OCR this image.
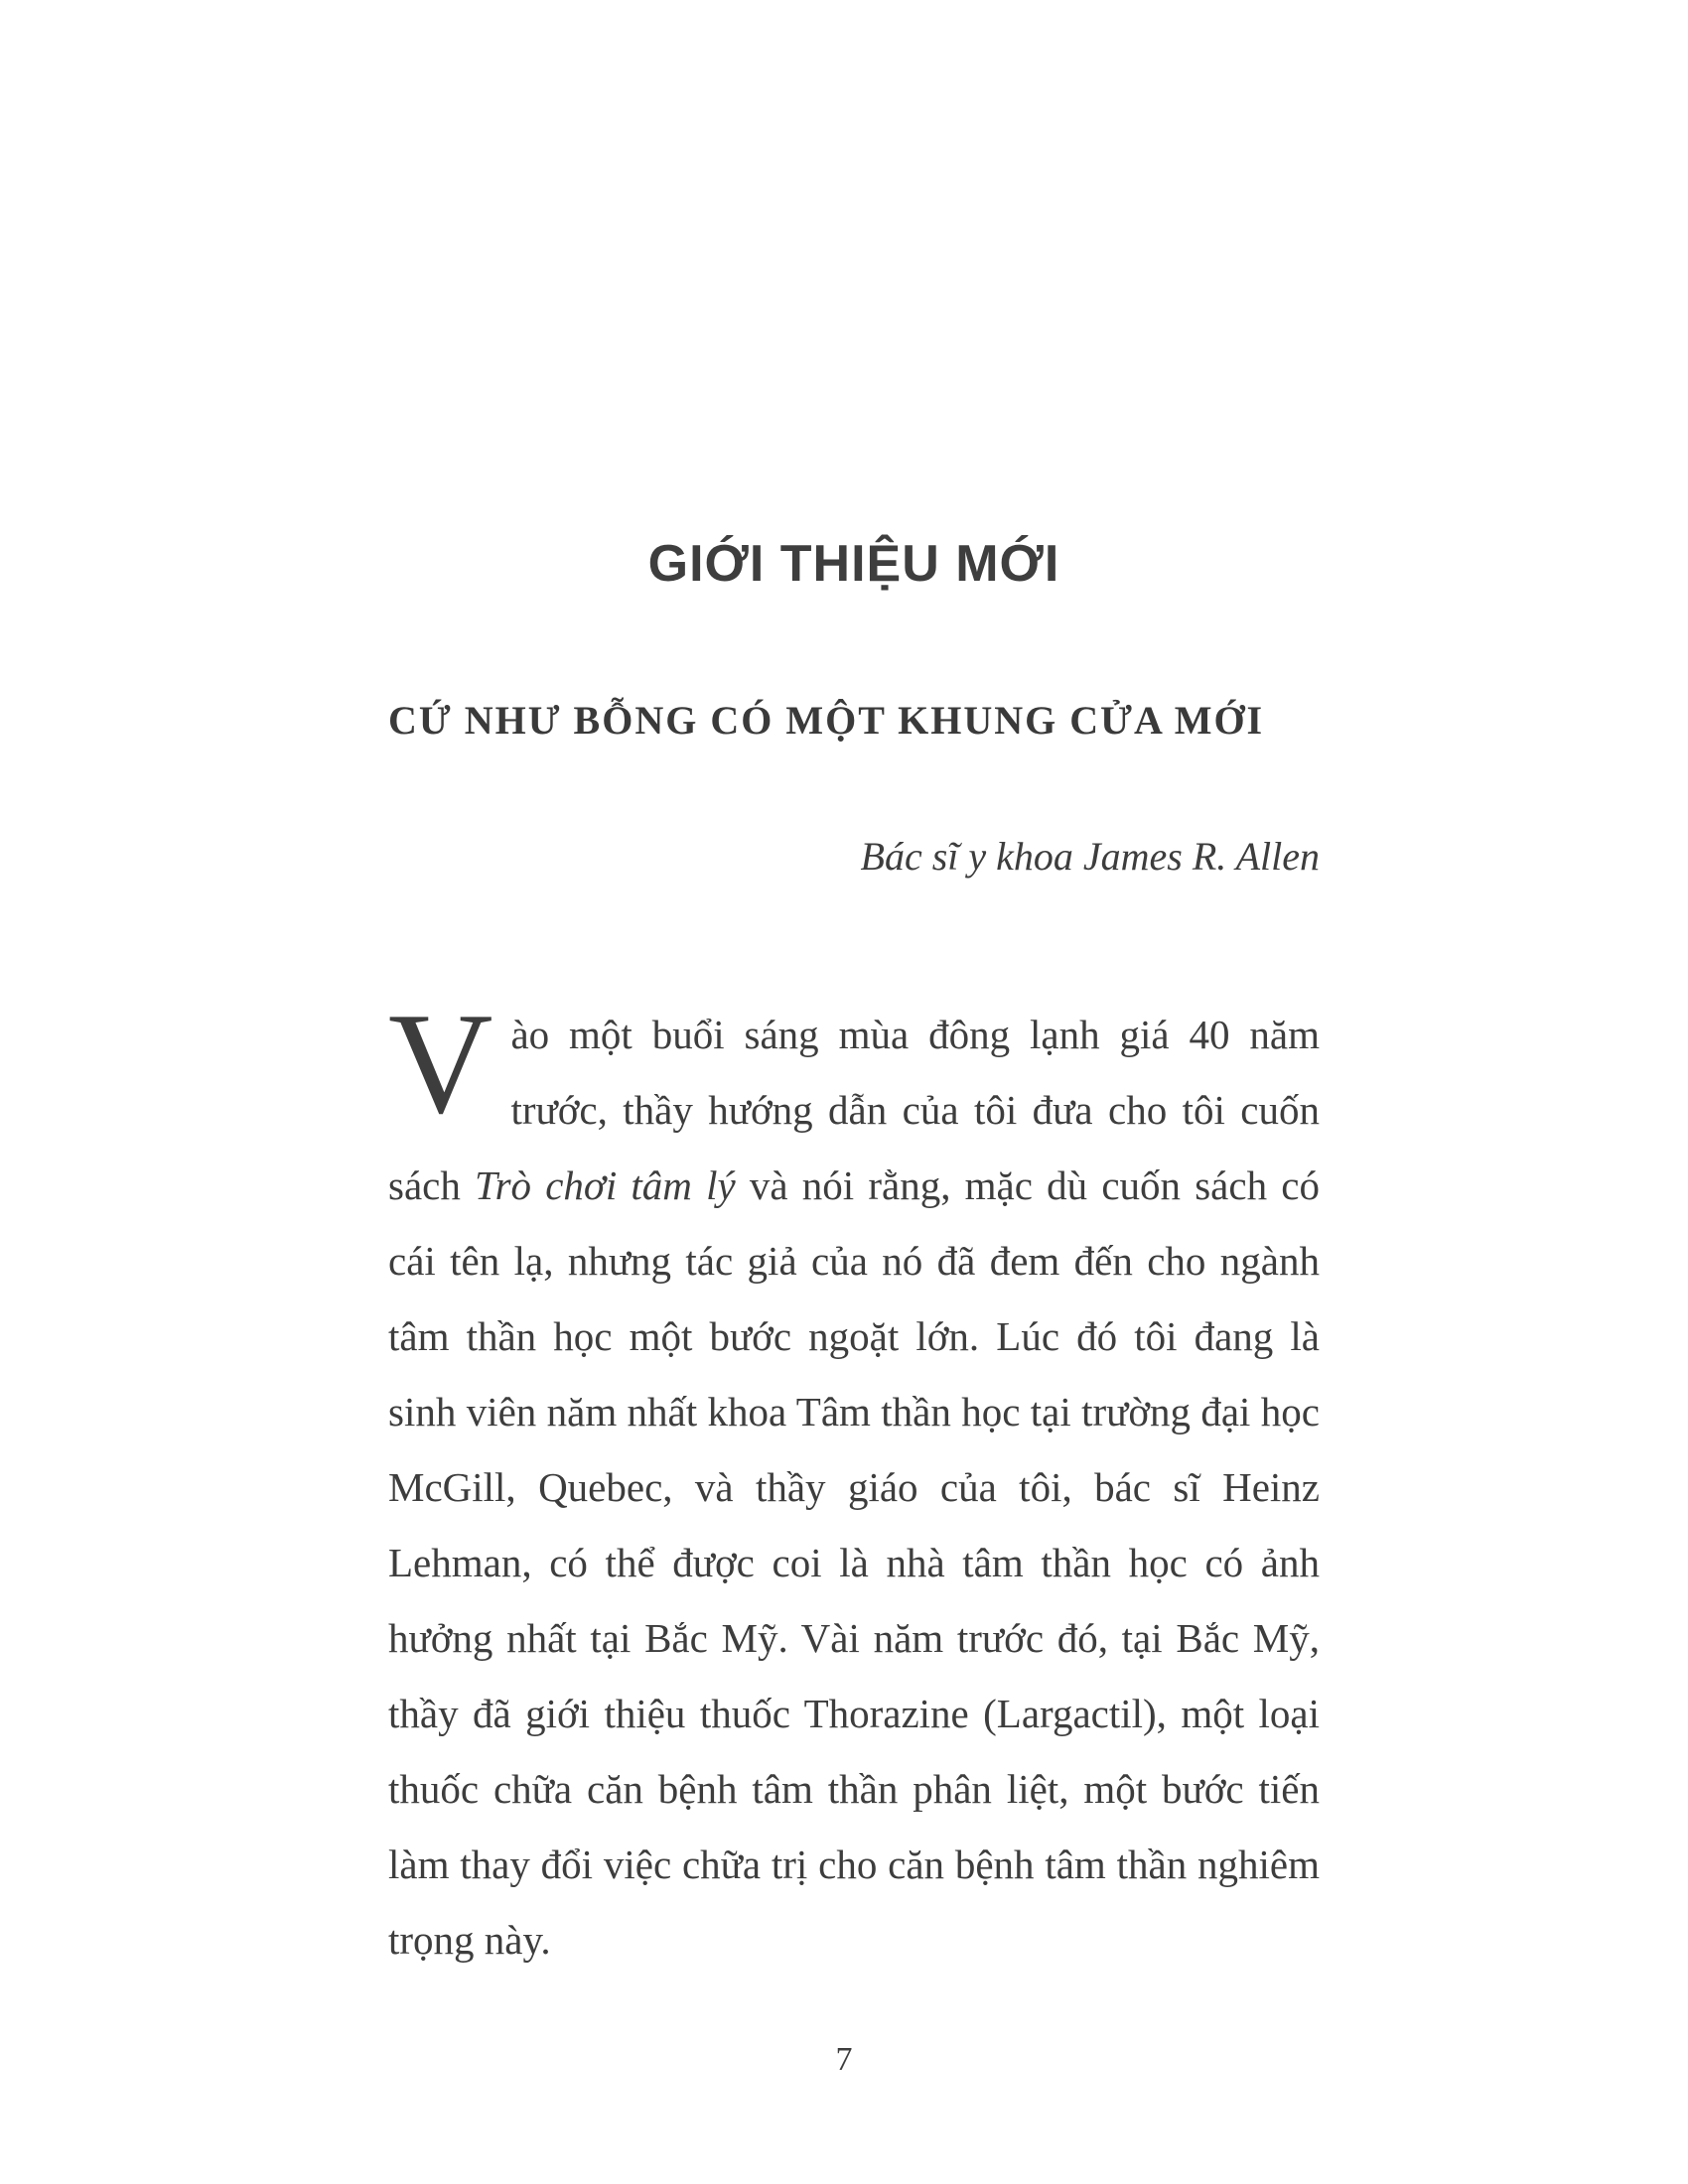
GIỚI THIỆU MỚI
CỨ NHƯ BỖNG CÓ MỘT KHUNG CỬA MỚI

Bác sĩ y khoa James R. Allen

Vào một buổi sáng mùa đông lạnh giá 40 năm trước, thầy hướng dẫn của tôi đưa cho tôi cuốn sách Trò chơi tâm lý và nói rằng, mặc dù cuốn sách có cái tên lạ, nhưng tác giả của nó đã đem đến cho ngành tâm thần học một bước ngoặt lớn. Lúc đó tôi đang là sinh viên năm nhất khoa Tâm thần học tại trường đại học McGill, Quebec, và thầy giáo của tôi, bác sĩ Heinz Lehman, có thể được coi là nhà tâm thần học có ảnh hưởng nhất tại Bắc Mỹ. Vài năm trước đó, tại Bắc Mỹ, thầy đã giới thiệu thuốc Thorazine (Largactil), một loại thuốc chữa căn bệnh tâm thần phân liệt, một bước tiến làm thay đổi việc chữa trị cho căn bệnh tâm thần nghiêm trọng này.

7
